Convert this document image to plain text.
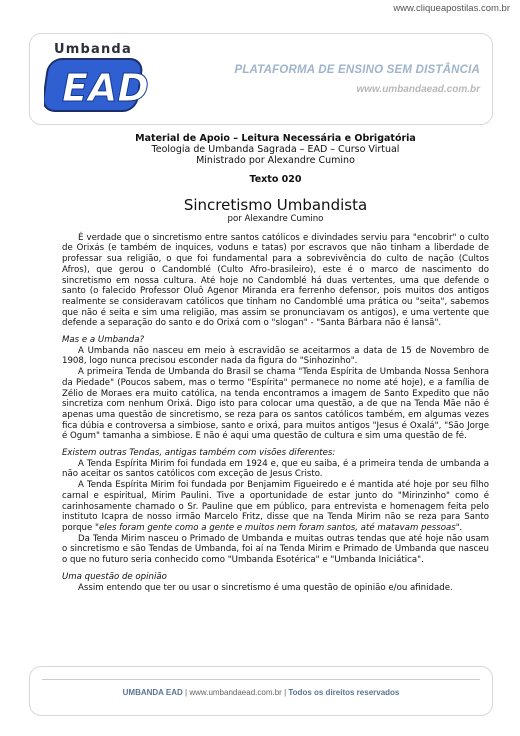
www.cliqueapostilas.com.br
Umbanda
EAD	PLATAFORMA DE ENSINO SEM DISTÂNCIA
www.umbandaead.com.br
Material de Apoio – Leitura Necessária e Obrigatória
Teologia de Umbanda Sagrada – EAD – Curso Virtual
Ministrado por Alexandre Cumino
Texto 020
Sincretismo Umbandista
por Alexandre Cumino

É verdade que o sincretismo entre santos católicos e divindades serviu para "encobrir" o culto de Orixás (e também de inquices, voduns e tatas) por escravos que não tinham a liberdade de professar sua religião, o que foi fundamental para a sobrevivência do culto de nação (Cultos Afros), que gerou o Candomblé (Culto Afro-brasileiro), este é o marco de nascimento do sincretismo em nossa cultura. Até hoje no Candomblé há duas vertentes, uma que defende o santo (o falecido Professor Oluô Agenor Miranda era ferrenho defensor, pois muitos dos antigos realmente se consideravam católicos que tinham no Candomblé uma prática ou "seita", sabemos que não é seita e sim uma religião, mas assim se pronunciavam os antigos), e uma vertente que defende a separação do santo e do Orixá com o "slogan" - "Santa Bárbara não é Iansã".

Mas e a Umbanda?

A Umbanda não nasceu em meio à escravidão se aceitarmos a data de 15 de Novembro de 1908, logo nunca precisou esconder nada da figura do "Sinhozinho".

A primeira Tenda de Umbanda do Brasil se chama "Tenda Espírita de Umbanda Nossa Senhora da Piedade" (Poucos sabem, mas o termo "Espírita" permanece no nome até hoje), e a família de Zélio de Moraes era muito católica, na tenda encontramos a imagem de Santo Expedito que não sincretiza com nenhum Orixá. Digo isto para colocar uma questão, a de que na Tenda Mãe não é apenas uma questão de sincretismo, se reza para os santos católicos também, em algumas vezes fica dúbia e controversa a simbiose, santo e orixá, para muitos antigos "Jesus é Oxalá", "São Jorge é Ogum" tamanha a simbiose. E não é aqui uma questão de cultura e sim uma questão de fé.

Existem outras Tendas, antigas também com visões diferentes:

A Tenda Espírita Mirim foi fundada em 1924 e, que eu saiba, é a primeira tenda de umbanda a não aceitar os santos católicos com exceção de Jesus Cristo.

A Tenda Espírita Mirim foi fundada por Benjamim Figueiredo e é mantida até hoje por seu filho carnal e espiritual, Mirim Paulini. Tive a oportunidade de estar junto do "Mirinzinho" como é carinhosamente chamado o Sr. Pauline que em público, para entrevista e homenagem feita pelo instituto Icapra de nosso irmão Marcelo Fritz, disse que na Tenda Mirim não se reza para Santo porque "eles foram gente como a gente e muitos nem foram santos, até matavam pessoas".

Da Tenda Mirim nasceu o Primado de Umbanda e muitas outras tendas que até hoje não usam o sincretismo e são Tendas de Umbanda, foi aí na Tenda Mirim e Primado de Umbanda que nasceu o que no futuro seria conhecido como "Umbanda Esotérica" e "Umbanda Iniciática".

Uma questão de opinião

Assim entendo que ter ou usar o sincretismo é uma questão de opinião e/ou afinidade.

UMBANDA EAD | www.umbandaead.com.br | Todos os direitos reservados
